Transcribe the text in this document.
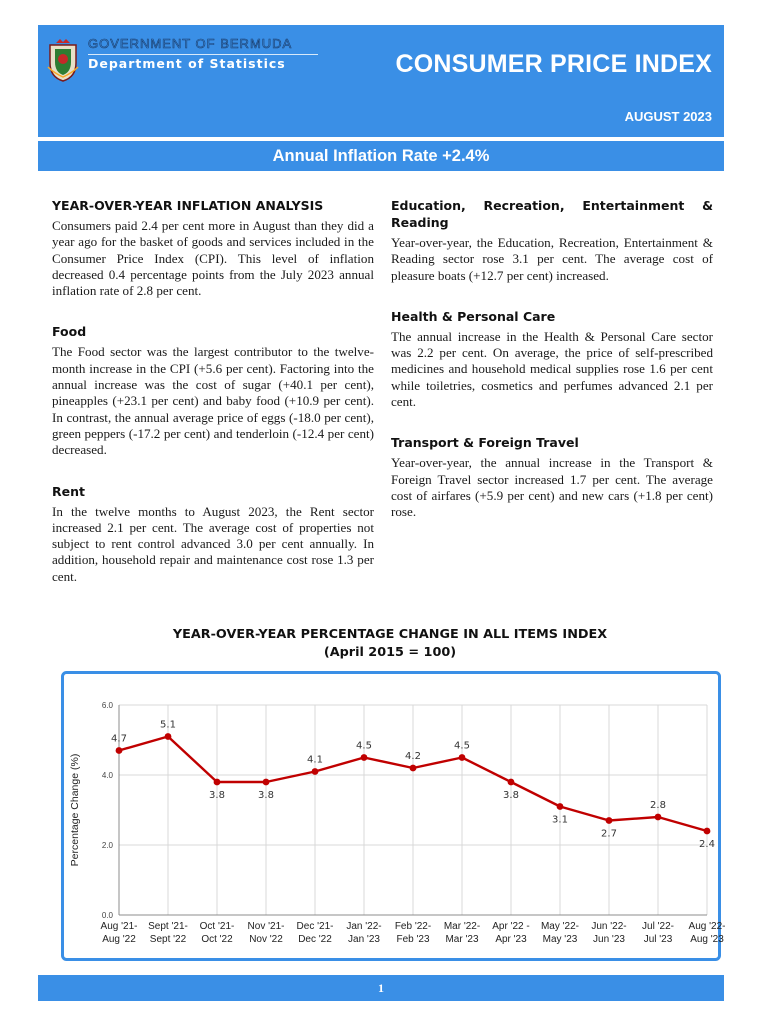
GOVERNMENT OF BERMUDA
Department of Statistics	CONSUMER PRICE INDEX
AUGUST 2023
Annual Inflation Rate +2.4%
YEAR-OVER-YEAR INFLATION ANALYSIS

Consumers paid 2.4 per cent more in August than they did a year ago for the basket of goods and services included in the Consumer Price Index (CPI). This level of inflation decreased 0.4 percentage points from the July 2023 annual inflation rate of 2.8 per cent.

Food

The Food sector was the largest contributor to the twelve-month increase in the CPI (+5.6 per cent). Factoring into the annual increase was the cost of sugar (+40.1 per cent), pineapples (+23.1 per cent) and baby food (+10.9 per cent). In contrast, the annual average price of eggs (-18.0 per cent), green peppers (-17.2 per cent) and tenderloin (-12.4 per cent) decreased.

Rent

In the twelve months to August 2023, the Rent sector increased 2.1 per cent. The average cost of properties not subject to rent control advanced 3.0 per cent annually. In addition, household repair and maintenance cost rose 1.3 per cent.

Education, Recreation, Entertainment & Reading

Year-over-year, the Education, Recreation, Entertainment & Reading sector rose 3.1 per cent. The average cost of pleasure boats (+12.7 per cent) increased.

Health & Personal Care

The annual increase in the Health & Personal Care sector was 2.2 per cent. On average, the price of self-prescribed medicines and household medical supplies rose 1.6 per cent while toiletries, cosmetics and perfumes advanced 2.1 per cent.

Transport & Foreign Travel

Year-over-year, the annual increase in the Transport & Foreign Travel sector increased 1.7 per cent. The average cost of airfares (+5.9 per cent) and new cars (+1.8 per cent) rose.

YEAR-OVER-YEAR PERCENTAGE CHANGE IN ALL ITEMS INDEX
(April 2015 = 100)
0.0
2.0
4.0
6.0
Percentage Change (%)
4.7
5.1
3.8	3.8
4.1
4.5
4.2
4.5
3.8
3.1
2.7
2.8
2.4
Aug '21-
Aug '22
Sept '21-
Sept '22
Oct '21-
Oct '22
Nov '21-
Nov '22
Dec '21-
Dec '22
Jan '22-
Jan '23
Feb '22-
Feb '23
Mar '22-
Mar '23
Apr '22 -
Apr '23
May '22-
May '23
Jun '22-
Jun '23
Jul '22-
Jul '23
Aug '22-
Aug '23
1
